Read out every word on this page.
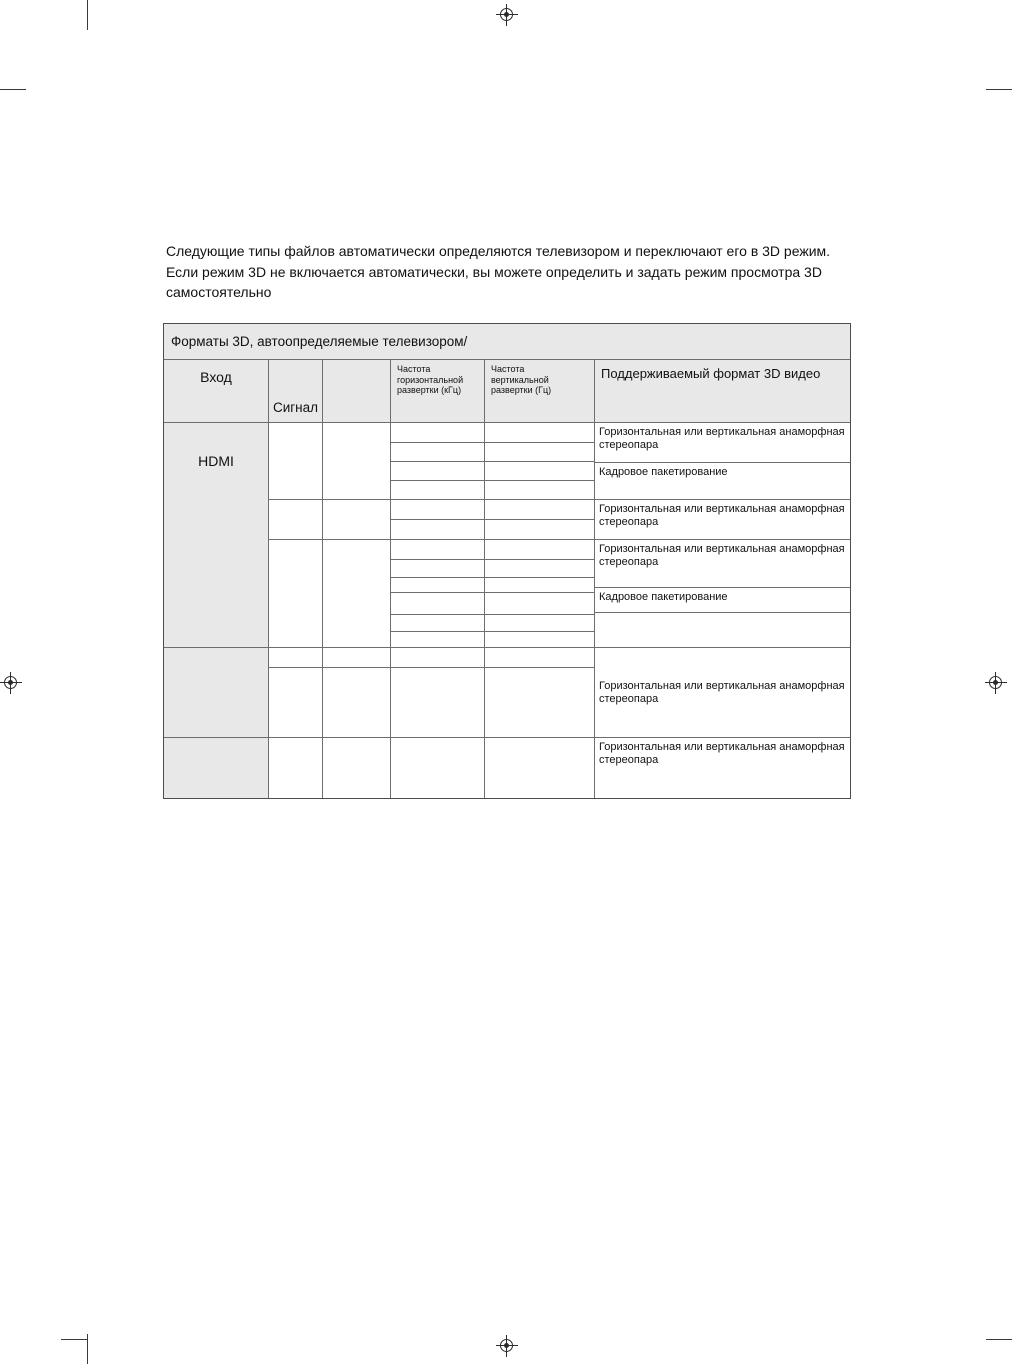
Следующие типы файлов автоматически определяются телевизором и переключают его в 3D режим. Если режим 3D не включается автоматически, вы можете определить и задать режим просмотра 3D самостоятельно

Форматы 3D, автоопределяемые телевизором/
Вход
Сигнал
Частота горизонтальной развертки (кГц)
Частота вертикальной развертки (Гц)
Поддерживаемый формат 3D видео
HDMI
Горизонтальная или вертикальная анаморфная стереопара
Кадровое пакетирование
Горизонтальная или вертикальная анаморфная стереопара
Горизонтальная или вертикальная анаморфная стереопара
Кадровое пакетирование
Горизонтальная или вертикальная анаморфная стереопара
Горизонтальная или вертикальная анаморфная стереопара
